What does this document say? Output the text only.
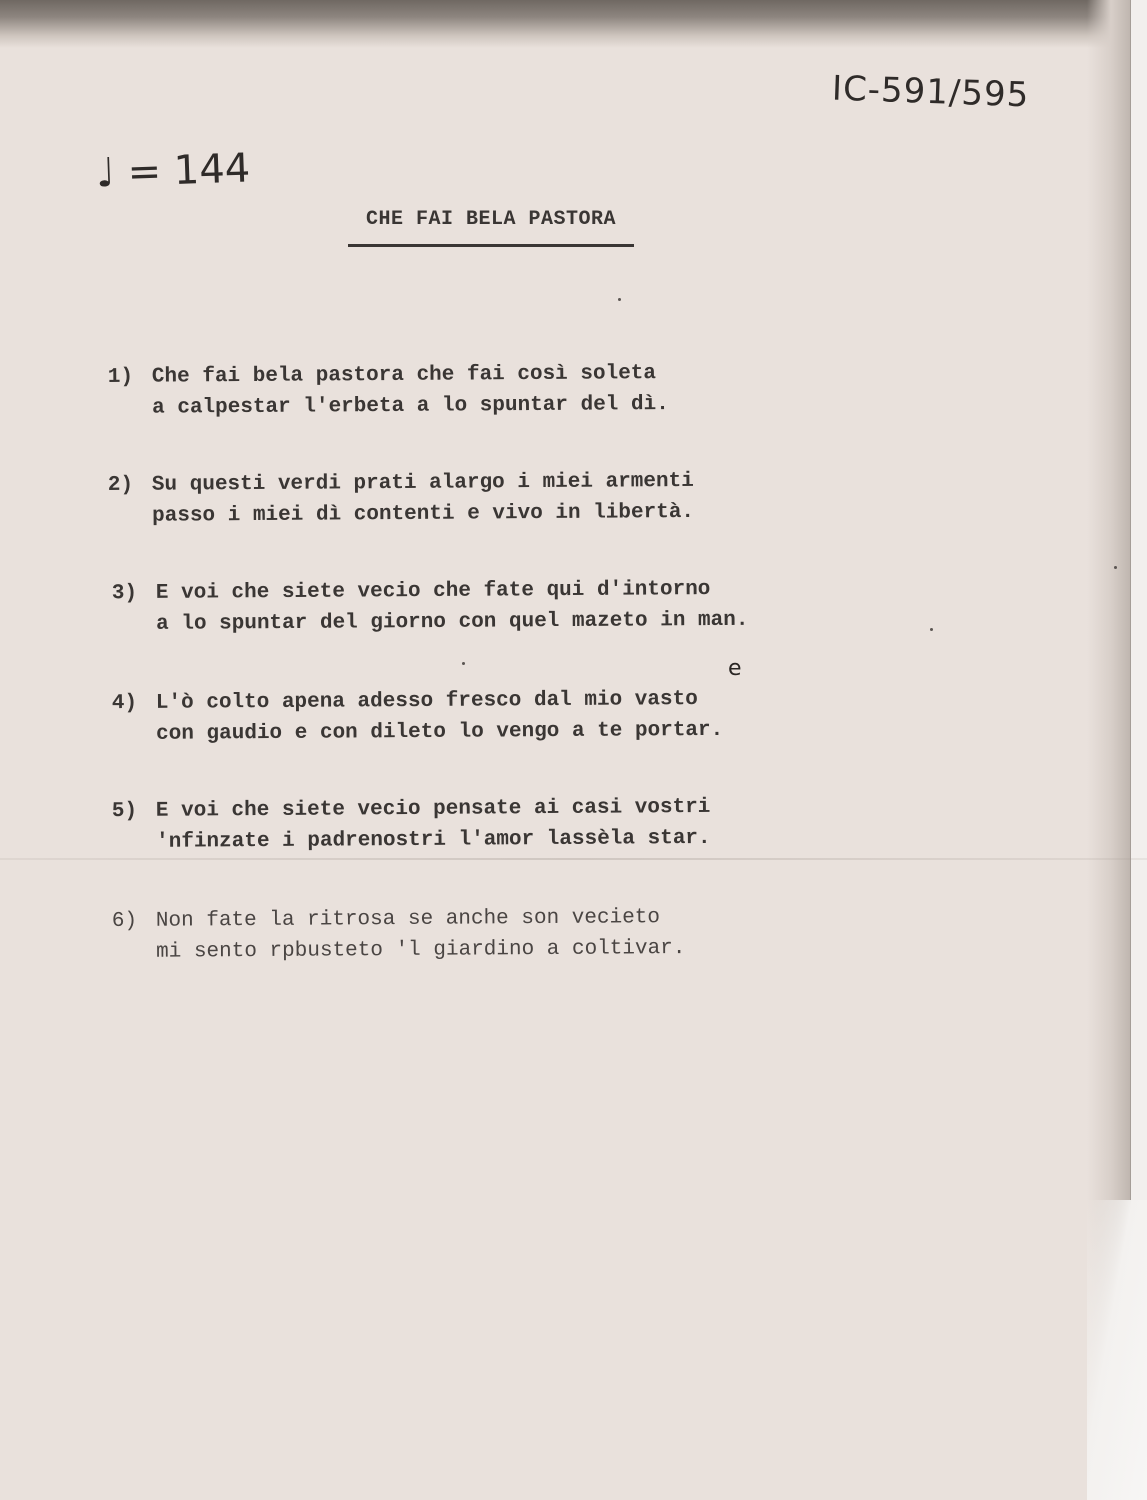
IC-591/595
♩ = 144
CHE FAI BELA PASTORA
1) Che fai bela pastora che fai così soleta
a calpestar l'erbeta a lo spuntar del dì.
2) Su questi verdi prati alargo i miei armenti
passo i miei dì contenti e vivo in libertà.
3) E voi che siete vecio che fate qui d'intorno
a lo spuntar del giorno con quel mazeto in man.
e
4) L'ò colto apena adesso fresco dal mio vasto
con gaudio e con dileto lo vengo a te portar.
5) E voi che siete vecio pensate ai casi vostri
'nfinzate i padrenostri l'amor lassèla star.
6) Non fate la ritrosa se anche son vecieto
mi sento rpbusteto 'l giardino a coltivar.
